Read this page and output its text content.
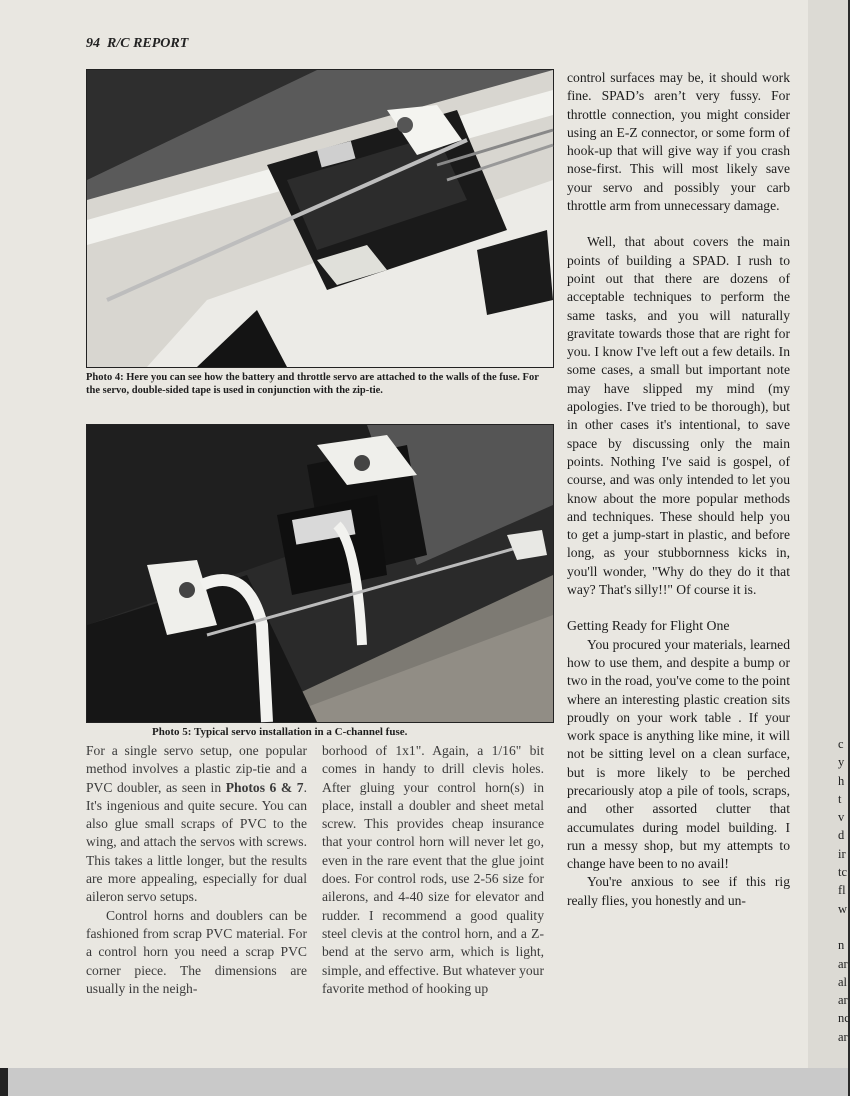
94 R/C REPORT
Photo 4: Here you can see how the battery and throttle servo are attached to the walls of the fuse. For the servo, double-sided tape is used in conjunction with the zip-tie.
Photo 5: Typical servo installation in a C-channel fuse.

For a single servo setup, one popular method involves a plastic zip-tie and a PVC doubler, as seen in Photos 6 & 7. It's ingenious and quite secure. You can also glue small scraps of PVC to the wing, and attach the servos with screws. This takes a little longer, but the results are more appealing, especially for dual aileron servo setups.

Control horns and doublers can be fashioned from scrap PVC material. For a control horn you need a scrap PVC corner piece. The dimensions are usually in the neigh-

borhood of 1x1". Again, a 1/16" bit comes in handy to drill clevis holes. After gluing your control horn(s) in place, install a doubler and sheet metal screw. This provides cheap insurance that your control horn will never let go, even in the rare event that the glue joint does. For control rods, use 2-56 size for ailerons, and 4-40 size for elevator and rudder. I recommend a good quality steel clevis at the control horn, and a Z-bend at the servo arm, which is light, simple, and effective. But whatever your favorite method of hooking up

control surfaces may be, it should work fine. SPAD’s aren’t very fussy. For throttle connection, you might consider using an E-Z connector, or some form of hook-up that will give way if you crash nose-first. This will most likely save your servo and possibly your carb throttle arm from unnecessary damage.

Well, that about covers the main points of building a SPAD. I rush to point out that there are dozens of acceptable techniques to perform the same tasks, and you will naturally gravitate towards those that are right for you. I know I've left out a few details. In some cases, a small but important note may have slipped my mind (my apologies. I've tried to be thorough), but in other cases it's intentional, to save space by discussing only the main points. Nothing I've said is gospel, of course, and was only intended to let you know about the more popular methods and techniques. These should help you to get a jump-start in plastic, and before long, as your stubbornness kicks in, you'll wonder, "Why do they do it that way? That's silly!!" Of course it is.

Getting Ready for Flight One

You procured your materials, learned how to use them, and despite a bump or two in the road, you've come to the point where an interesting plastic creation sits proudly on your work table . If your work space is anything like mine, it will not be sitting level on a clean surface, but is more likely to be perched precariously atop a pile of tools, scraps, and other assorted clutter that accumulates during model building. I run a messy shop, but my attempts to change have been to no avail!

You're anxious to see if this rig really flies, you honestly and un-

c
y
h
t
v
d
ir
tc
fl
w

n
ar
al
ar
nc
ar
